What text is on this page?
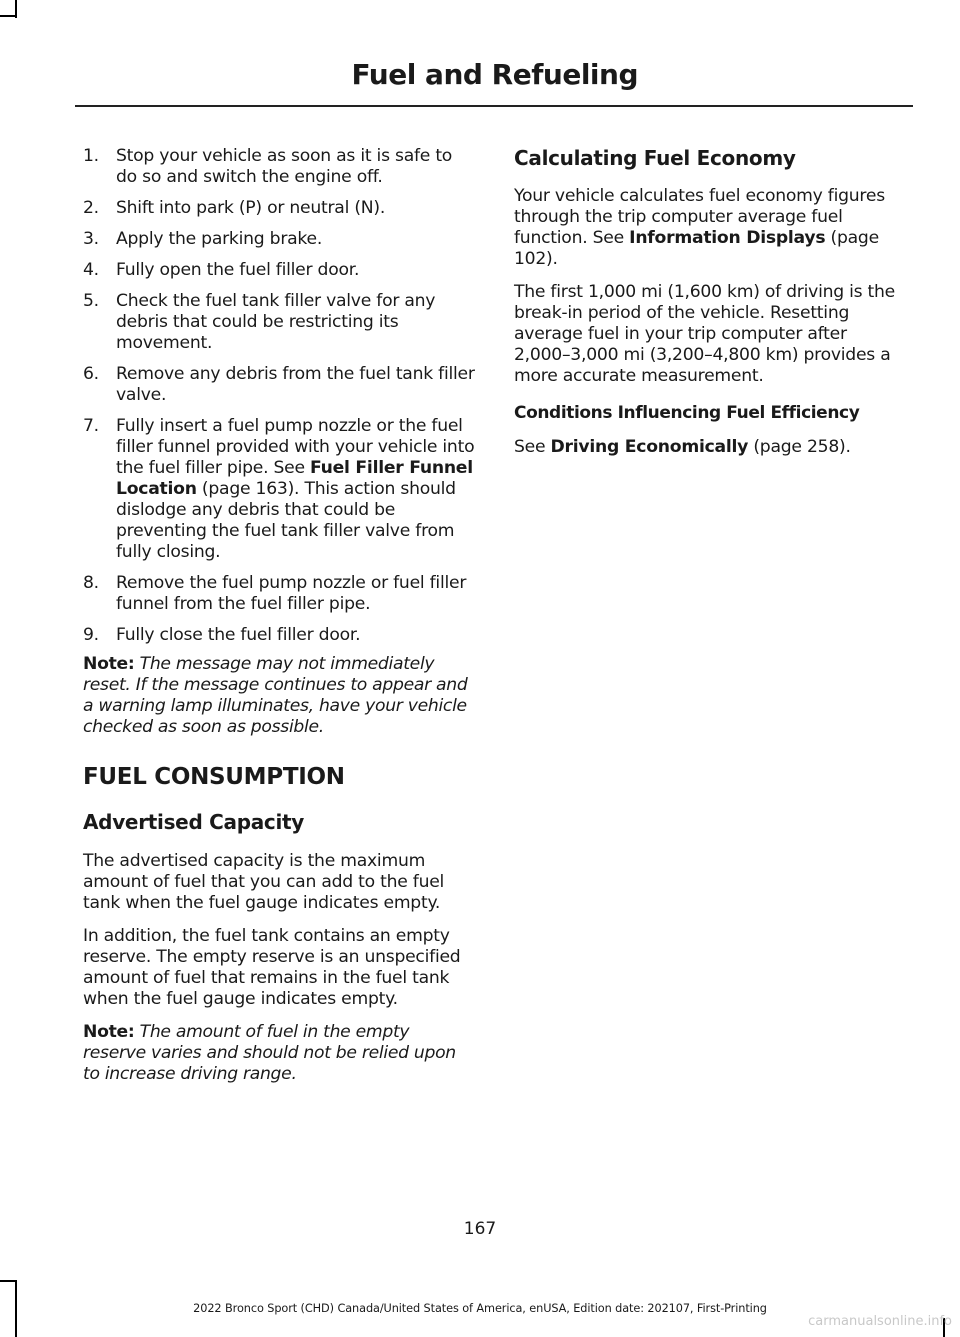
Fuel and Refueling
1. Stop your vehicle as soon as it is safe to do so and switch the engine off.
2. Shift into park (P) or neutral (N).
3. Apply the parking brake.
4. Fully open the fuel filler door.
5. Check the fuel tank filler valve for any debris that could be restricting its movement.
6. Remove any debris from the fuel tank filler valve.
7. Fully insert a fuel pump nozzle or the fuel filler funnel provided with your vehicle into the fuel filler pipe. See Fuel Filler Funnel Location (page 163). This action should dislodge any debris that could be preventing the fuel tank filler valve from fully closing.
8. Remove the fuel pump nozzle or fuel filler funnel from the fuel filler pipe.
9. Fully close the fuel filler door.

Note: The message may not immediately reset. If the message continues to appear and a warning lamp illuminates, have your vehicle checked as soon as possible.

FUEL CONSUMPTION
Advertised Capacity

The advertised capacity is the maximum amount of fuel that you can add to the fuel tank when the fuel gauge indicates empty.

In addition, the fuel tank contains an empty reserve. The empty reserve is an unspecified amount of fuel that remains in the fuel tank when the fuel gauge indicates empty.

Note: The amount of fuel in the empty reserve varies and should not be relied upon to increase driving range.

Calculating Fuel Economy

Your vehicle calculates fuel economy figures through the trip computer average fuel function. See Information Displays (page 102).

The first 1,000 mi (1,600 km) of driving is the break-in period of the vehicle. Resetting average fuel in your trip computer after 2,000–3,000 mi (3,200–4,800 km) provides a more accurate measurement.

Conditions Influencing Fuel Efficiency

See Driving Economically (page 258).

167
2022 Bronco Sport (CHD) Canada/United States of America, enUSA, Edition date: 202107, First-Printing
carmanualsonline.info
